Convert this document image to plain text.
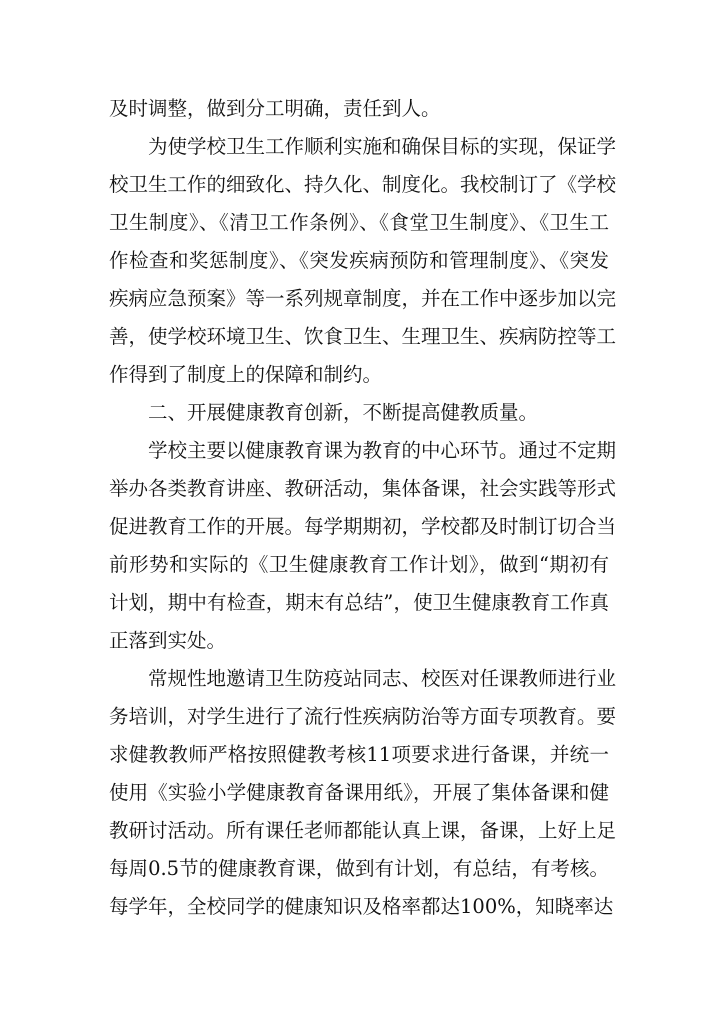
及时调整，做到分工明确，责任到人。
为使学校卫生工作顺利实施和确保目标的实现，保证学
校卫生工作的细致化、持久化、制度化。我校制订了《学校
卫生制度》、《清卫工作条例》、《食堂卫生制度》、《卫生工
作检查和奖惩制度》、《突发疾病预防和管理制度》、《突发
疾病应急预案》等一系列规章制度，并在工作中逐步加以完
善，使学校环境卫生、饮食卫生、生理卫生、疾病防控等工
作得到了制度上的保障和制约。
二、开展健康教育创新，不断提高健教质量。
学校主要以健康教育课为教育的中心环节。通过不定期
举办各类教育讲座、教研活动，集体备课，社会实践等形式
促进教育工作的开展。每学期期初，学校都及时制订切合当
前形势和实际的《卫生健康教育工作计划》，做到“期初有
计划，期中有检查，期末有总结”，使卫生健康教育工作真
正落到实处。
常规性地邀请卫生防疫站同志、校医对任课教师进行业
务培训，对学生进行了流行性疾病防治等方面专项教育。要
求健教教师严格按照健教考核11项要求进行备课，并统一
使用《实验小学健康教育备课用纸》，开展了集体备课和健
教研讨活动。所有课任老师都能认真上课，备课，上好上足
每周0.5节的健康教育课，做到有计划，有总结，有考核。
每学年，全校同学的健康知识及格率都达100%，知晓率达
